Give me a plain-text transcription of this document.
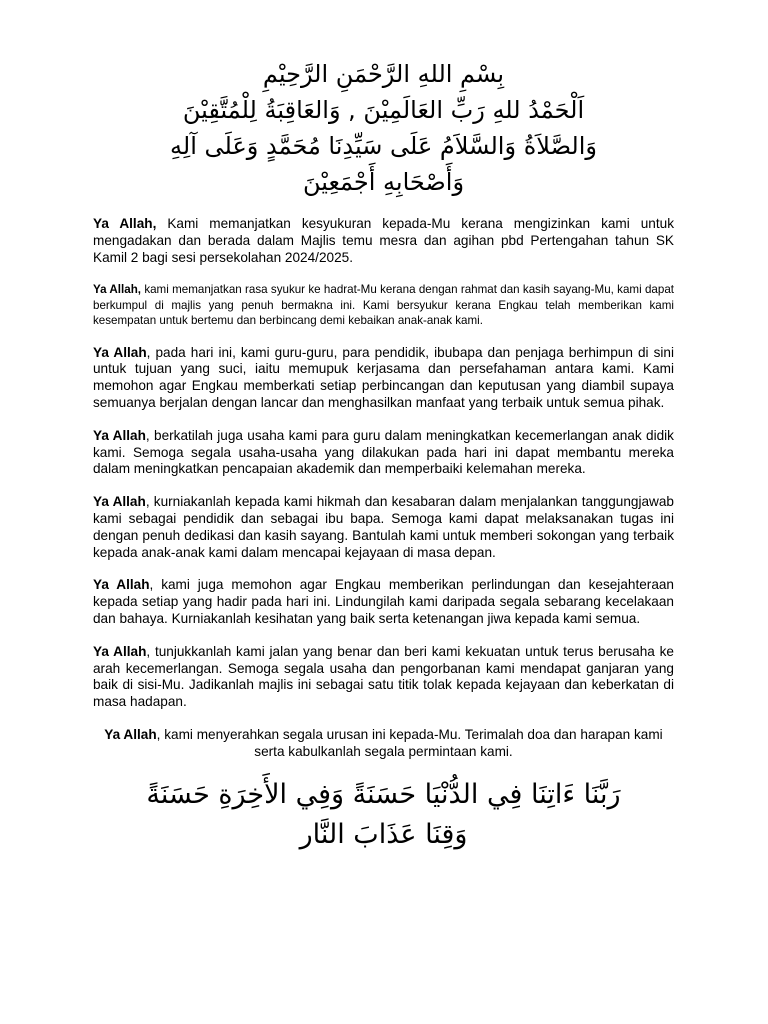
بِسْمِ اللهِ الرَّحْمَنِ الرَّحِيْمِ
اَلْحَمْدُ للهِ رَبِّ العَالَمِيْنَ , وَالعَاقِبَةُ لِلْمُتَّقِيْنَ
وَالصَّلاَةُ وَالسَّلاَمُ عَلَى سَيِّدِنَا مُحَمَّدٍ وَعَلَى آلِهِ
وَأَصْحَابِهِ أَجْمَعِيْنَ

Ya Allah, Kami memanjatkan kesyukuran kepada-Mu kerana mengizinkan kami untuk mengadakan dan berada dalam Majlis temu mesra dan agihan pbd Pertengahan tahun SK Kamil 2 bagi sesi persekolahan 2024/2025.

Ya Allah, kami memanjatkan rasa syukur ke hadrat-Mu kerana dengan rahmat dan kasih sayang-Mu, kami dapat berkumpul di majlis yang penuh bermakna ini. Kami bersyukur kerana Engkau telah memberikan kami kesempatan untuk bertemu dan berbincang demi kebaikan anak-anak kami.

Ya Allah, pada hari ini, kami guru-guru, para pendidik, ibubapa dan penjaga berhimpun di sini untuk tujuan yang suci, iaitu memupuk kerjasama dan persefahaman antara kami. Kami memohon agar Engkau memberkati setiap perbincangan dan keputusan yang diambil supaya semuanya berjalan dengan lancar dan menghasilkan manfaat yang terbaik untuk semua pihak.

Ya Allah, berkatilah juga usaha kami para guru dalam meningkatkan kecemerlangan anak didik kami. Semoga segala usaha-usaha yang dilakukan pada hari ini dapat membantu mereka dalam meningkatkan pencapaian akademik dan memperbaiki kelemahan mereka.

Ya Allah, kurniakanlah kepada kami hikmah dan kesabaran dalam menjalankan tanggungjawab kami sebagai pendidik dan sebagai ibu bapa. Semoga kami dapat melaksanakan tugas ini dengan penuh dedikasi dan kasih sayang. Bantulah kami untuk memberi sokongan yang terbaik kepada anak-anak kami dalam mencapai kejayaan di masa depan.

Ya Allah, kami juga memohon agar Engkau memberikan perlindungan dan kesejahteraan kepada setiap yang hadir pada hari ini. Lindungilah kami daripada segala sebarang kecelakaan dan bahaya. Kurniakanlah kesihatan yang baik serta ketenangan jiwa kepada kami semua.

Ya Allah, tunjukkanlah kami jalan yang benar dan beri kami kekuatan untuk terus berusaha ke arah kecemerlangan. Semoga segala usaha dan pengorbanan kami mendapat ganjaran yang baik di sisi-Mu. Jadikanlah majlis ini sebagai satu titik tolak kepada kejayaan dan keberkatan di masa hadapan.

Ya Allah, kami menyerahkan segala urusan ini kepada-Mu. Terimalah doa dan harapan kami serta kabulkanlah segala permintaan kami.

رَبَّنَا ءَاتِنَا فِي الدُّنْيَا حَسَنَةً وَفِي الأَخِرَةِ حَسَنَةً
وَقِنَا عَذَابَ النَّار
